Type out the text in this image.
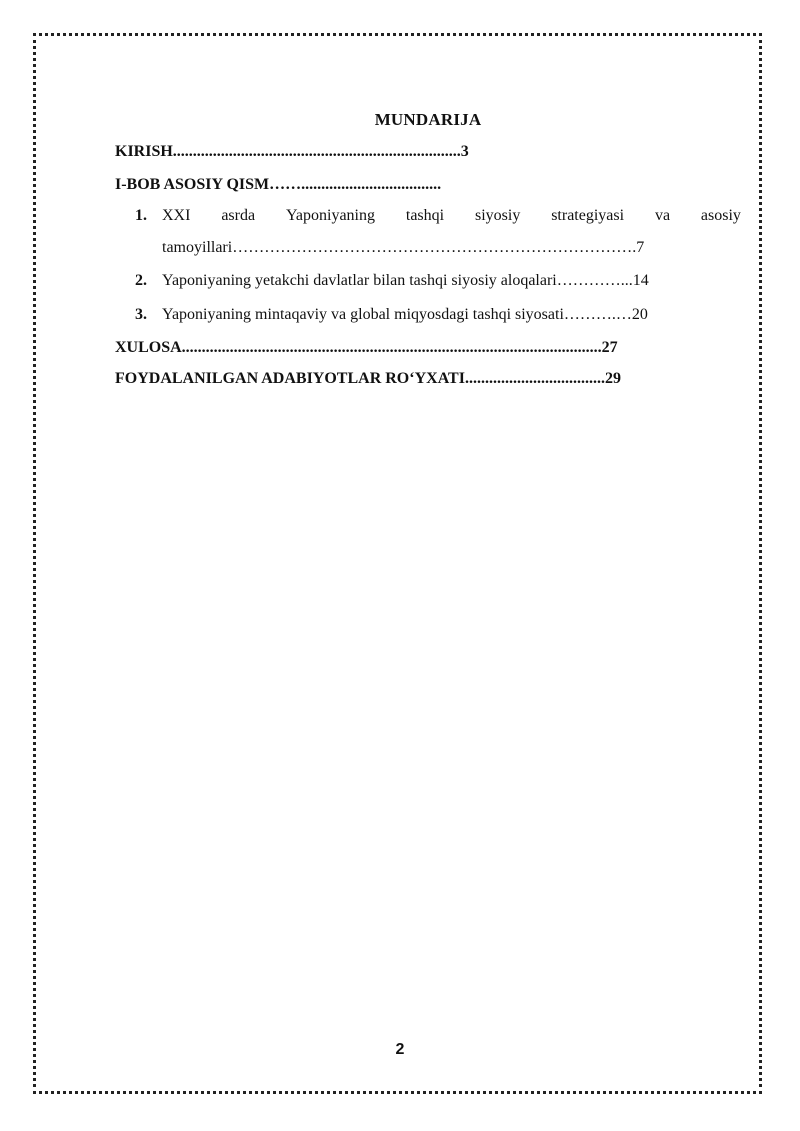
MUNDARIJA
KIRISH........................................................................3
I-BOB ASOSIY QISM……...................................
1. XXI asrda Yaponiyaning tashqi siyosiy strategiyasi va asosiy
tamoyillari………………………………………………………………….7
2. Yaponiyaning yetakchi davlatlar bilan tashqi siyosiy aloqalari…………...14
3. Yaponiyaning mintaqaviy va global miqyosdagi tashqi siyosati……….…20
XULOSA.........................................................................................................27
FOYDALANILGAN ADABIYOTLAR RO‘YXATI...................................29
2
